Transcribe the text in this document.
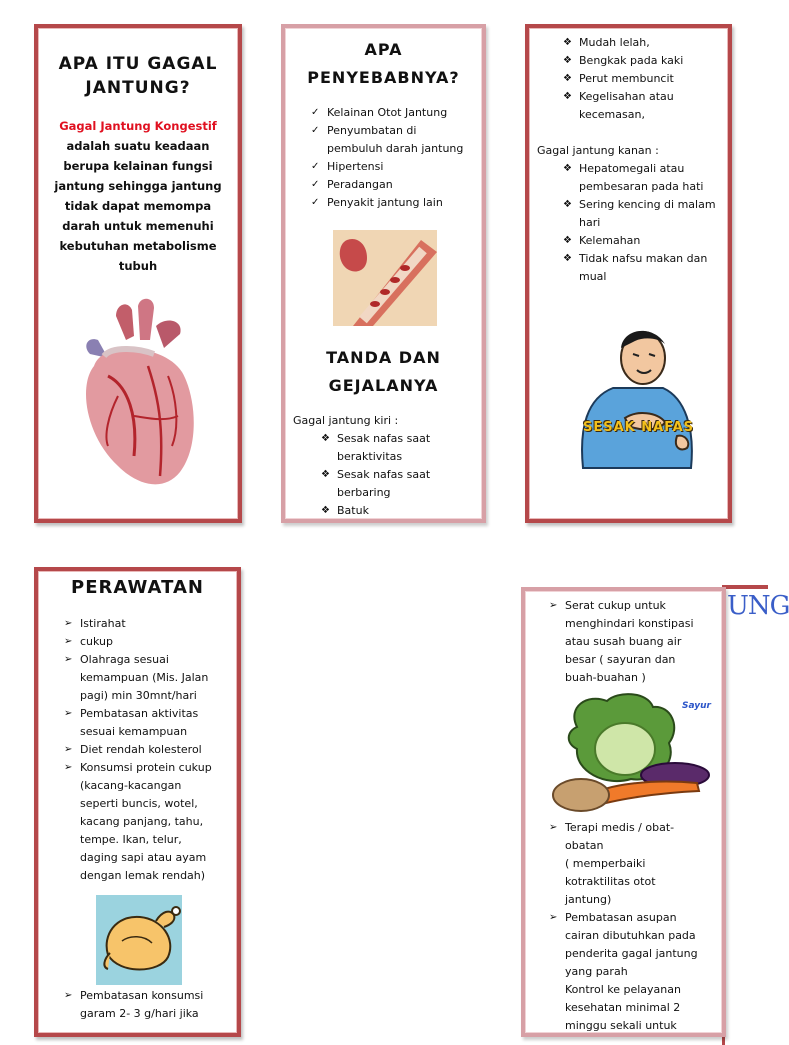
APA ITU GAGAL
JANTUNG?
Gagal Jantung Kongestif
adalah suatu keadaan
berupa kelainan fungsi
jantung sehingga jantung
tidak dapat memompa
darah untuk memenuhi
kebutuhan metabolisme
tubuh
APA
PENYEBABNYA?
✓ Kelainan Otot Jantung
✓ Penyumbatan di
pembuluh darah jantung
✓ Hipertensi
✓ Peradangan
✓ Penyakit jantung lain
TANDA DAN
GEJALANYA
Gagal jantung kiri :
❖ Sesak nafas saat
beraktivitas
❖ Sesak nafas saat
berbaring
❖ Batuk
❖ Mudah lelah,
❖ Bengkak pada kaki
❖ Perut membuncit
❖ Kegelisahan atau
kecemasan,
Gagal jantung kanan :
❖ Hepatomegali atau
pembesaran pada hati
❖ Sering kencing di malam
hari
❖ Kelemahan
❖ Tidak nafsu makan dan
mual
SESAK NAFAS
PERAWATAN
➢ Istirahat
➢ cukup
➢ Olahraga sesuai
kemampuan (Mis. Jalan
pagi) min 30mnt/hari
➢ Pembatasan aktivitas
sesuai kemampuan
➢ Diet rendah kolesterol
➢ Konsumsi protein cukup
(kacang-kacangan
seperti buncis, wotel,
kacang panjang, tahu,
tempe. Ikan, telur,
daging sapi atau ayam
dengan lemak rendah)
➢ Pembatasan konsumsi
garam 2- 3 g/hari jika
UNG
➢ Serat cukup untuk
menghindari konstipasi
atau susah buang air
besar ( sayuran dan
buah-buahan )
Sayur
➢ Terapi medis / obat-
obatan
( memperbaiki
kotraktilitas otot
jantung)
➢ Pembatasan asupan
cairan dibutuhkan pada
penderita gagal jantung
yang parah
Kontrol ke pelayanan
kesehatan minimal 2
minggu sekali untuk
